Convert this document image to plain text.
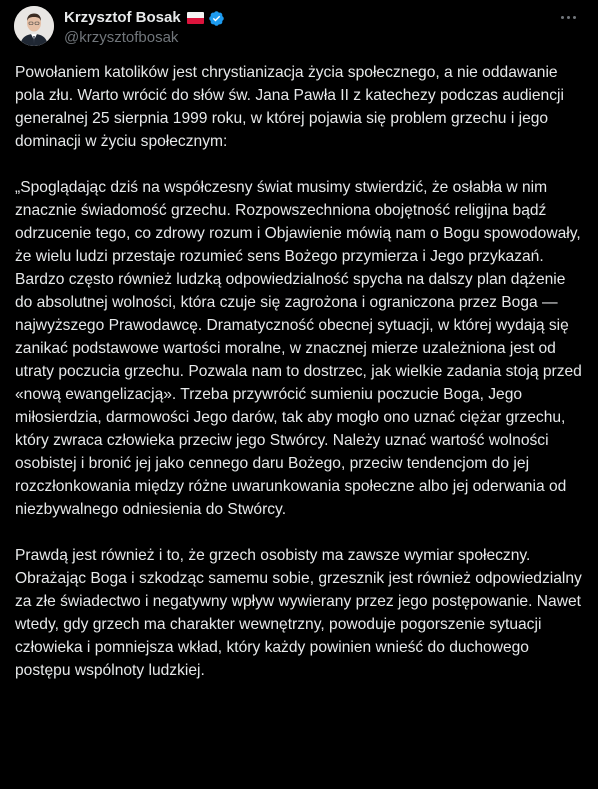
Krzysztof Bosak
@krzysztofbosak

Powołaniem katolików jest chrystianizacja życia społecznego, a nie oddawanie pola złu. Warto wrócić do słów św. Jana Pawła II z katechezy podczas audiencji generalnej 25 sierpnia 1999 roku, w której pojawia się problem grzechu i jego dominacji w życiu społecznym:

„Spoglądając dziś na współczesny świat musimy stwierdzić, że osłabła w nim znacznie świadomość grzechu. Rozpowszechniona obojętność religijna bądź odrzucenie tego, co zdrowy rozum i Objawienie mówią nam o Bogu spowodowały, że wielu ludzi przestaje rozumieć sens Bożego przymierza i Jego przykazań. Bardzo często również ludzką odpowiedzialność spycha na dalszy plan dążenie do absolutnej wolności, która czuje się zagrożona i ograniczona przez Boga — najwyższego Prawodawcę. Dramatyczność obecnej sytuacji, w której wydają się zanikać podstawowe wartości moralne, w znacznej mierze uzależniona jest od utraty poczucia grzechu. Pozwala nam to dostrzec, jak wielkie zadania stoją przed «nową ewangelizacją». Trzeba przywrócić sumieniu poczucie Boga, Jego miłosierdzia, darmowości Jego darów, tak aby mogło ono uznać ciężar grzechu, który zwraca człowieka przeciw jego Stwórcy. Należy uznać wartość wolności osobistej i bronić jej jako cennego daru Bożego, przeciw tendencjom do jej rozczłonkowania między różne uwarunkowania społeczne albo jej oderwania od niezbywalnego odniesienia do Stwórcy.

Prawdą jest również i to, że grzech osobisty ma zawsze wymiar społeczny. Obrażając Boga i szkodząc samemu sobie, grzesznik jest również odpowiedzialny za złe świadectwo i negatywny wpływ wywierany przez jego postępowanie. Nawet wtedy, gdy grzech ma charakter wewnętrzny, powoduje pogorszenie sytuacji człowieka i pomniejsza wkład, który każdy powinien wnieść do duchowego postępu wspólnoty ludzkiej.
